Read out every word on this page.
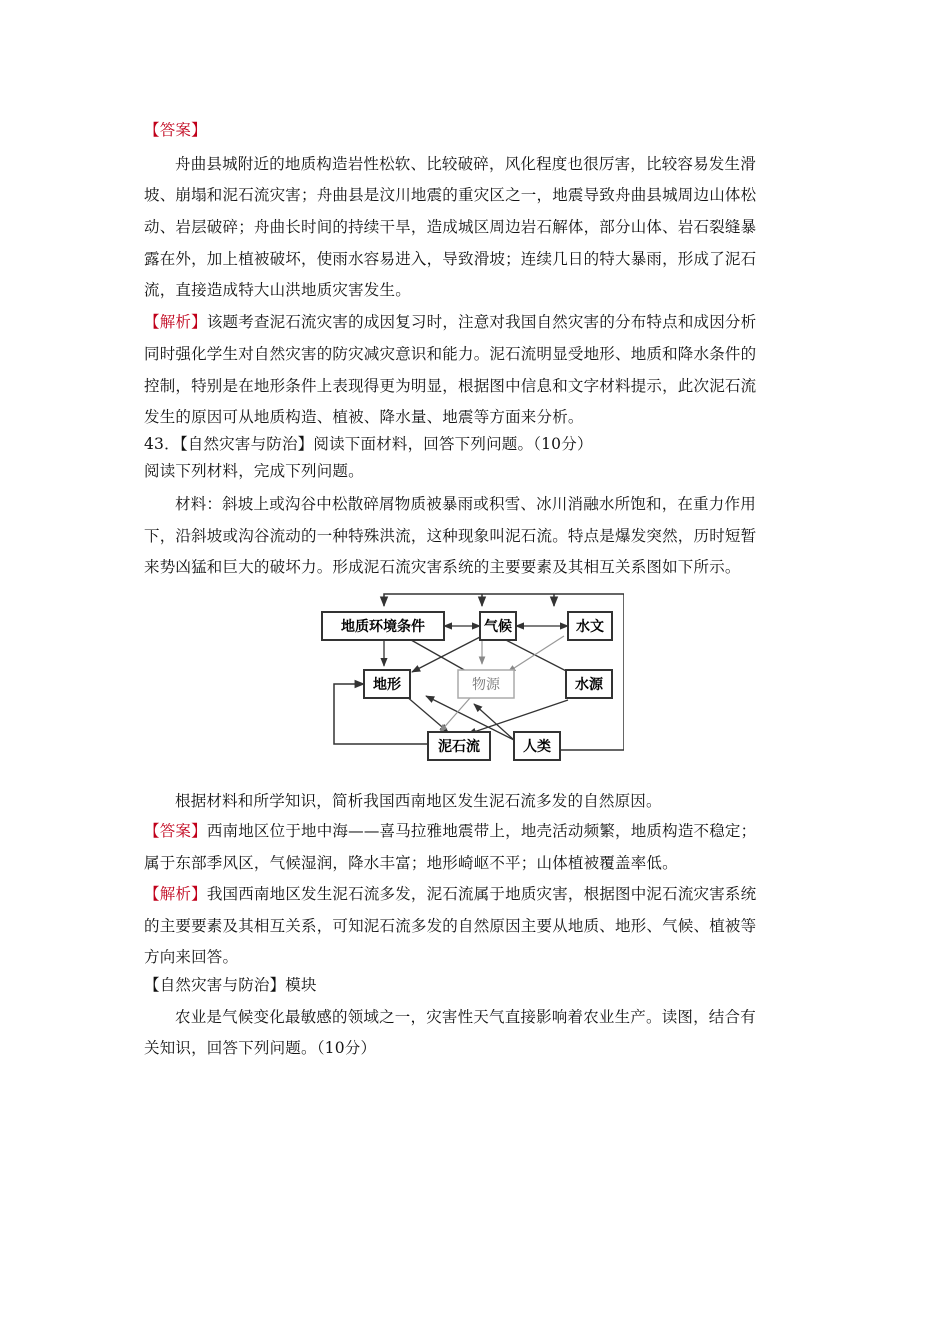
【答案】
舟曲县城附近的地质构造岩性松软、比较破碎，风化程度也很厉害，比较容易发生滑
坡、崩塌和泥石流灾害；舟曲县是汶川地震的重灾区之一，地震导致舟曲县城周边山体松
动、岩层破碎；舟曲长时间的持续干旱，造成城区周边岩石解体，部分山体、岩石裂缝暴
露在外，加上植被破坏，使雨水容易进入，导致滑坡；连续几日的特大暴雨，形成了泥石
流，直接造成特大山洪地质灾害发生。
【解析】该题考查泥石流灾害的成因复习时，注意对我国自然灾害的分布特点和成因分析
同时强化学生对自然灾害的防灾减灾意识和能力。泥石流明显受地形、地质和降水条件的
控制，特别是在地形条件上表现得更为明显，根据图中信息和文字材料提示，此次泥石流
发生的原因可从地质构造、植被、降水量、地震等方面来分析。
43．【自然灾害与防治】阅读下面材料，回答下列问题。（10分）
阅读下列材料，完成下列问题。
材料：斜坡上或沟谷中松散碎屑物质被暴雨或积雪、冰川消融水所饱和，在重力作用
下，沿斜坡或沟谷流动的一种特殊洪流，这种现象叫泥石流。特点是爆发突然，历时短暂
来势凶猛和巨大的破坏力。形成泥石流灾害系统的主要要素及其相互关系图如下所示。
地质环境条件	气候	水文
地形	物源	水源
泥石流	人类
根据材料和所学知识，简析我国西南地区发生泥石流多发的自然原因。
【答案】西南地区位于地中海——喜马拉雅地震带上，地壳活动频繁，地质构造不稳定；
属于东部季风区，气候湿润，降水丰富；地形崎岖不平；山体植被覆盖率低。
【解析】我国西南地区发生泥石流多发，泥石流属于地质灾害，根据图中泥石流灾害系统
的主要要素及其相互关系，可知泥石流多发的自然原因主要从地质、地形、气候、植被等
方向来回答。
【自然灾害与防治】模块
农业是气候变化最敏感的领域之一，灾害性天气直接影响着农业生产。读图，结合有
关知识，回答下列问题。（10分）
